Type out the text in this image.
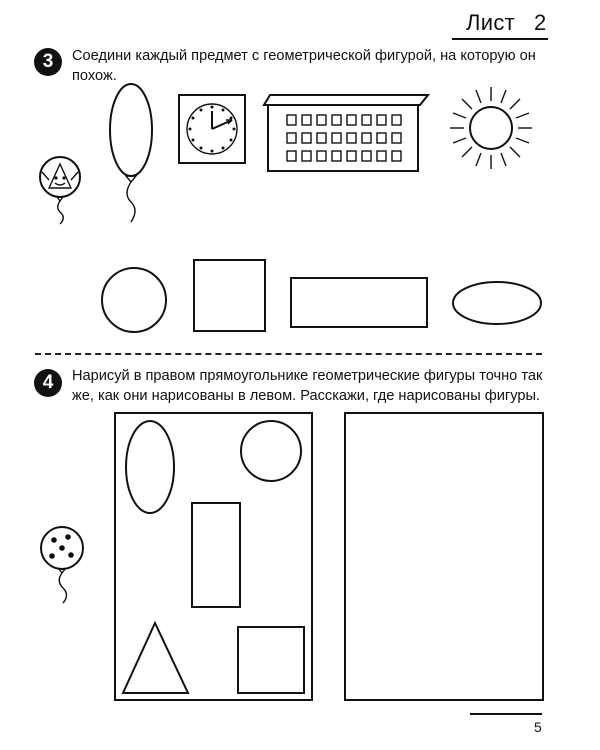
Лист 2
3	Соедини каждый предмет с геометрической фигурой, на которую он похож.
4	Нарисуй в правом прямоугольнике геометрические фигуры точно так же, как они нарисованы в левом. Расскажи, где нарисованы фигуры.
5
